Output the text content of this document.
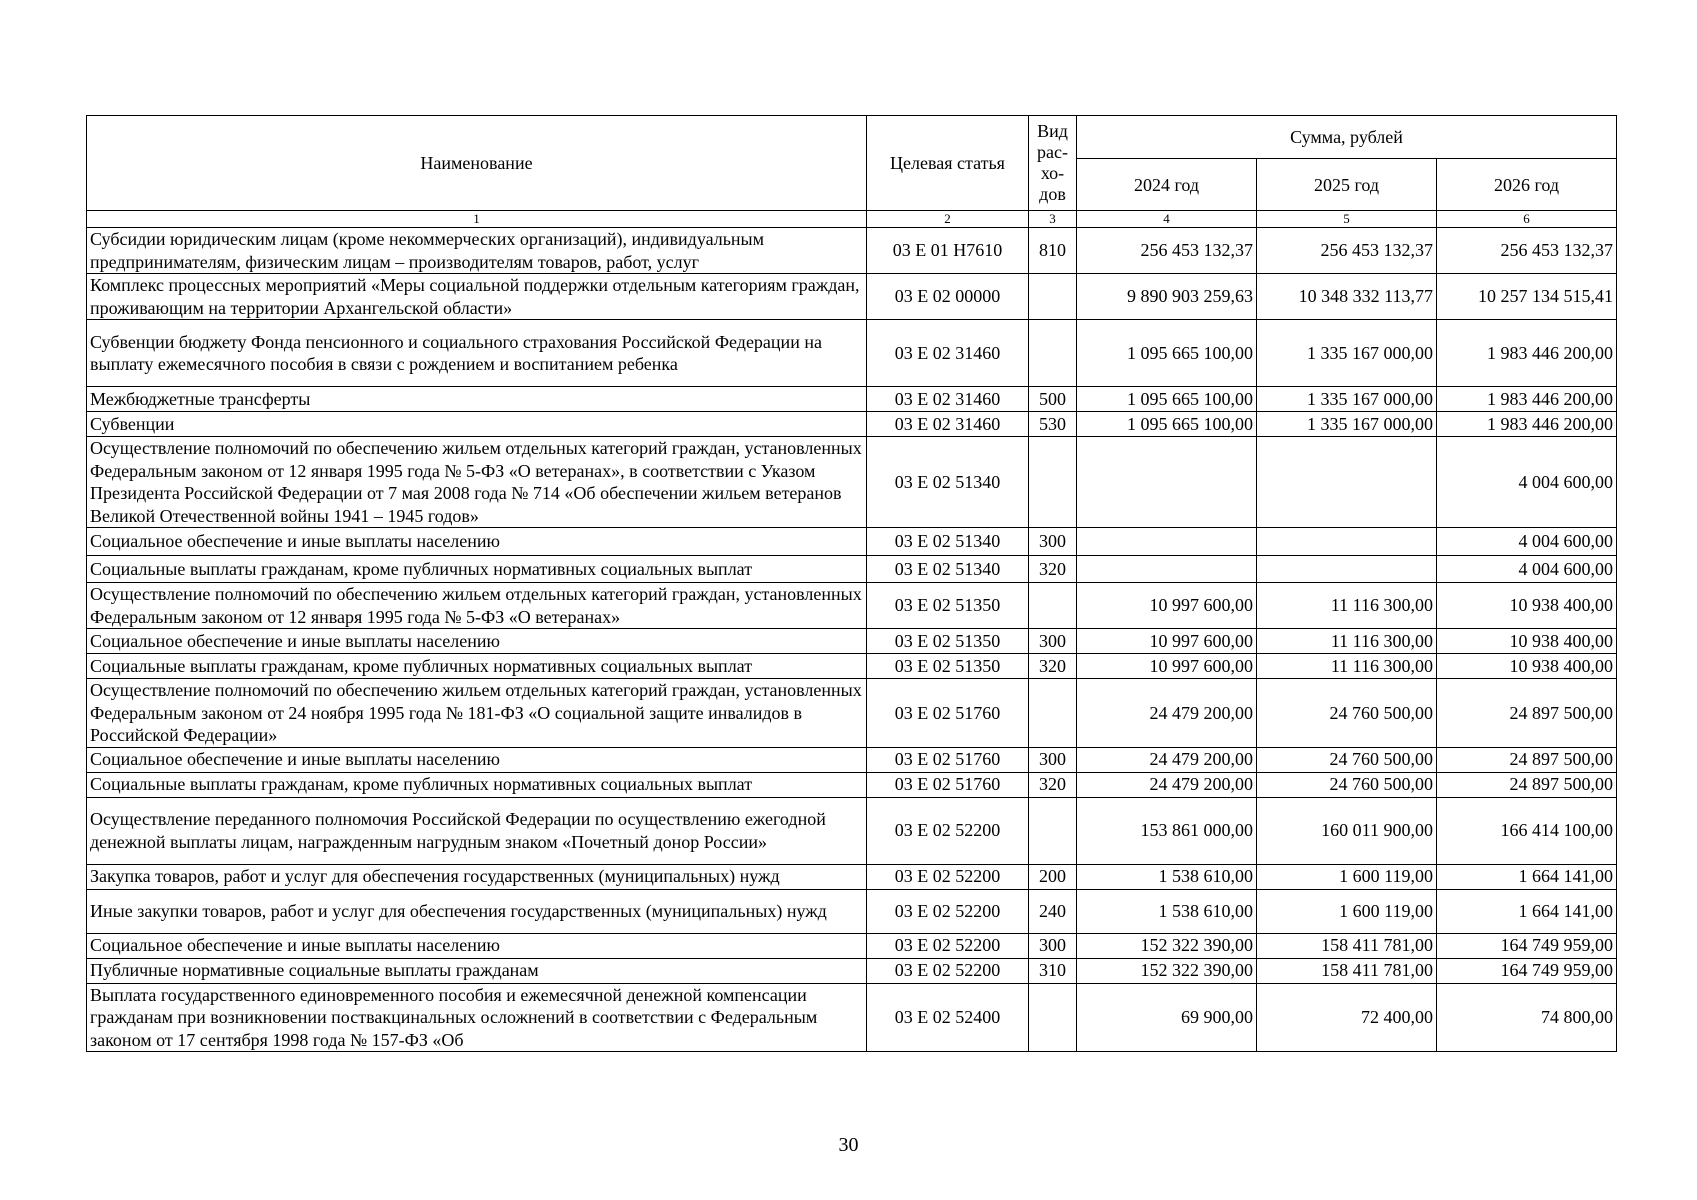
Наименование	Целевая статья	Вид рас-хо-дов	Сумма, рублей		
			2024 год	2025 год	2026 год
1	2	3	4	5	6
Субсидии юридическим лицам (кроме некоммерческих организаций), индивидуальным предпринимателям, физическим лицам – производителям товаров, работ, услуг	03 Е 01 Н7610	810	256 453 132,37	256 453 132,37	256 453 132,37
Комплекс процессных мероприятий «Меры социальной поддержки отдельным категориям граждан, проживающим на территории Архангельской области»	03 Е 02 00000		9 890 903 259,63	10 348 332 113,77	10 257 134 515,41
Субвенции бюджету Фонда пенсионного и социального страхования Российской Федерации на выплату ежемесячного пособия в связи с рождением и воспитанием ребенка	03 Е 02 31460		1 095 665 100,00	1 335 167 000,00	1 983 446 200,00
Межбюджетные трансферты	03 Е 02 31460	500	1 095 665 100,00	1 335 167 000,00	1 983 446 200,00
Субвенции	03 Е 02 31460	530	1 095 665 100,00	1 335 167 000,00	1 983 446 200,00
Осуществление полномочий по обеспечению жильем отдельных категорий граждан, установленных Федеральным законом от 12 января 1995 года № 5-ФЗ «О ветеранах», в соответствии с Указом Президента Российской Федерации от 7 мая 2008 года № 714 «Об обеспечении жильем ветеранов Великой Отечественной войны 1941 – 1945 годов»	03 Е 02 51340				4 004 600,00
Социальное обеспечение и иные выплаты населению	03 Е 02 51340	300			4 004 600,00
Социальные выплаты гражданам, кроме публичных нормативных социальных выплат	03 Е 02 51340	320			4 004 600,00
Осуществление полномочий по обеспечению жильем отдельных категорий граждан, установленных Федеральным законом от 12 января 1995 года № 5-ФЗ «О ветеранах»	03 Е 02 51350		10 997 600,00	11 116 300,00	10 938 400,00
Социальное обеспечение и иные выплаты населению	03 Е 02 51350	300	10 997 600,00	11 116 300,00	10 938 400,00
Социальные выплаты гражданам, кроме публичных нормативных социальных выплат	03 Е 02 51350	320	10 997 600,00	11 116 300,00	10 938 400,00
Осуществление полномочий по обеспечению жильем отдельных категорий граждан, установленных Федеральным законом от 24 ноября 1995 года № 181-ФЗ «О социальной защите инвалидов в Российской Федерации»	03 Е 02 51760		24 479 200,00	24 760 500,00	24 897 500,00
Социальное обеспечение и иные выплаты населению	03 Е 02 51760	300	24 479 200,00	24 760 500,00	24 897 500,00
Социальные выплаты гражданам, кроме публичных нормативных социальных выплат	03 Е 02 51760	320	24 479 200,00	24 760 500,00	24 897 500,00
Осуществление переданного полномочия Российской Федерации по осуществлению ежегодной денежной выплаты лицам, награжденным нагрудным знаком «Почетный донор России»	03 Е 02 52200		153 861 000,00	160 011 900,00	166 414 100,00
Закупка товаров, работ и услуг для обеспечения государственных (муниципальных) нужд	03 Е 02 52200	200	1 538 610,00	1 600 119,00	1 664 141,00
Иные закупки товаров, работ и услуг для обеспечения государственных (муниципальных) нужд	03 Е 02 52200	240	1 538 610,00	1 600 119,00	1 664 141,00
Социальное обеспечение и иные выплаты населению	03 Е 02 52200	300	152 322 390,00	158 411 781,00	164 749 959,00
Публичные нормативные социальные выплаты гражданам	03 Е 02 52200	310	152 322 390,00	158 411 781,00	164 749 959,00
Выплата государственного единовременного пособия и ежемесячной денежной компенсации гражданам при возникновении поствакцинальных осложнений в соответствии с Федеральным законом от 17 сентября 1998 года № 157-ФЗ «Об	03 Е 02 52400		69 900,00	72 400,00	74 800,00
30
